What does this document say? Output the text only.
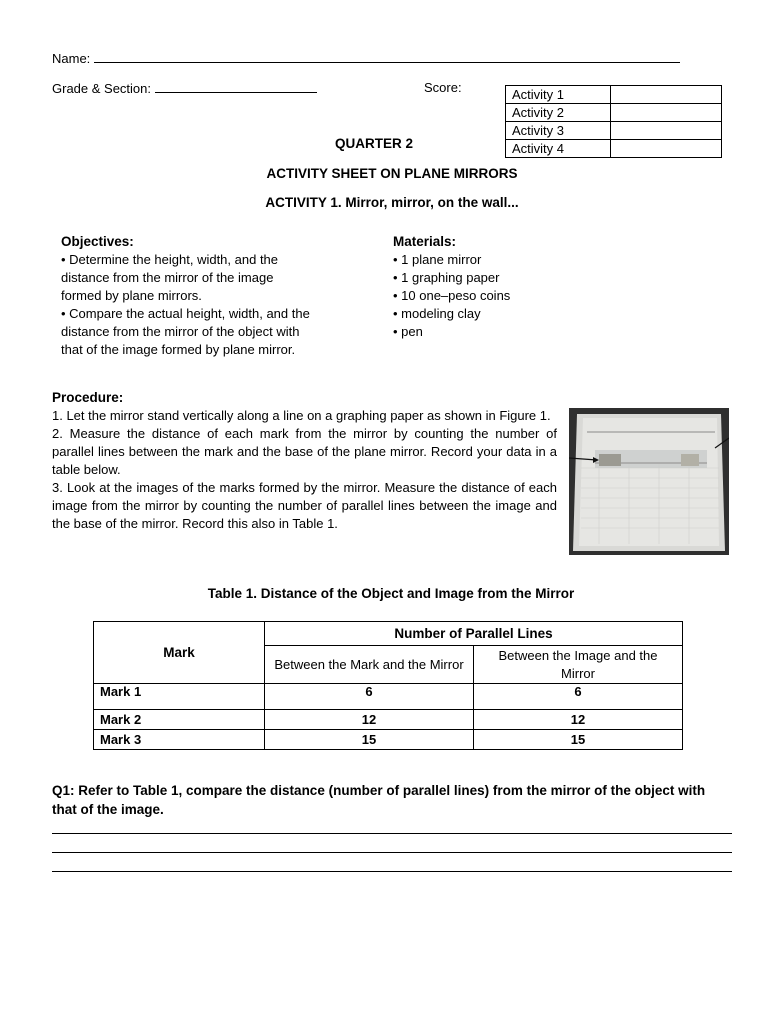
Name:
Grade & Section:	Score:	Activity 1	
Activity 2	
Activity 3	
Activity 4	
QUARTER 2
ACTIVITY SHEET ON PLANE MIRRORS
ACTIVITY 1. Mirror, mirror, on the wall...
Objectives:

• Determine the height, width, and the

distance from the mirror of the image

formed by plane mirrors.

• Compare the actual height, width, and the

distance from the mirror of the object with

that of the image formed by plane mirror.

Materials:

• 1 plane mirror

• 1 graphing paper

• 10 one–peso coins

• modeling clay

• pen

Procedure:

1. Let the mirror stand vertically along a line on a graphing paper as shown in Figure 1.

2. Measure the distance of each mark from the mirror by counting the number of parallel lines between the mark and the base of the plane mirror. Record your data in a table below.

3. Look at the images of the marks formed by the mirror. Measure the distance of each image from the mirror by counting the number of parallel lines between the image and the base of the mirror. Record this also in Table 1.

Table 1. Distance of the Object and Image from the Mirror
Mark	Number of Parallel Lines	
	Between the Mark and the Mirror	Between the Image and the Mirror
Mark 1	6	6
Mark 2	12	12
Mark 3	15	15
Q1: Refer to Table 1, compare the distance (number of parallel lines) from the mirror of the object with that of the image.
